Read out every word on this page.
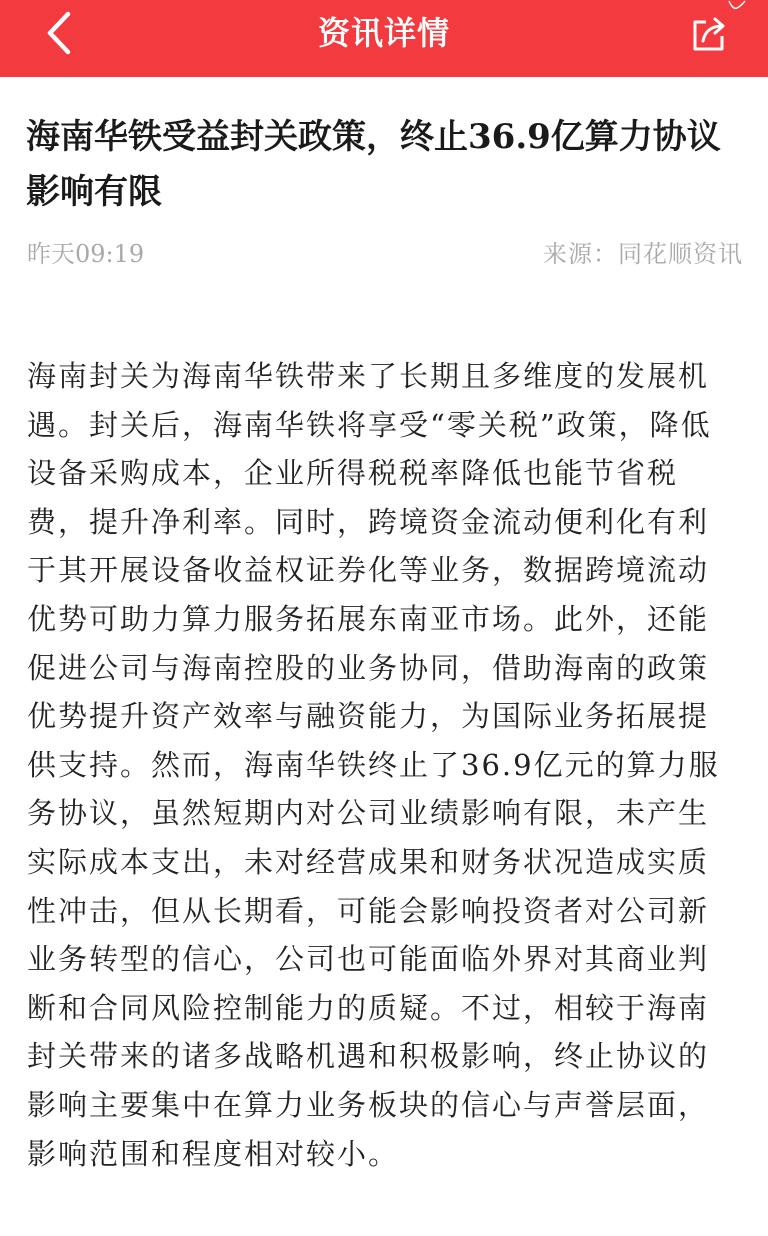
资讯详情
海南华铁受益封关政策，终止36.9亿算力协议影响有限
昨天09:19	来源：同花顺资讯

海南封关为海南华铁带来了长期且多维度的发展机遇。封关后，海南华铁将享受“零关税”政策，降低设备采购成本，企业所得税税率降低也能节省税费，提升净利率。同时，跨境资金流动便利化有利于其开展设备收益权证券化等业务，数据跨境流动优势可助力算力服务拓展东南亚市场。此外，还能促进公司与海南控股的业务协同，借助海南的政策优势提升资产效率与融资能力，为国际业务拓展提供支持。然而，海南华铁终止了36.9亿元的算力服务协议，虽然短期内对公司业绩影响有限，未产生实际成本支出，未对经营成果和财务状况造成实质性冲击，但从长期看，可能会影响投资者对公司新业务转型的信心，公司也可能面临外界对其商业判断和合同风险控制能力的质疑。不过，相较于海南封关带来的诸多战略机遇和积极影响，终止协议的影响主要集中在算力业务板块的信心与声誉层面，影响范围和程度相对较小。
